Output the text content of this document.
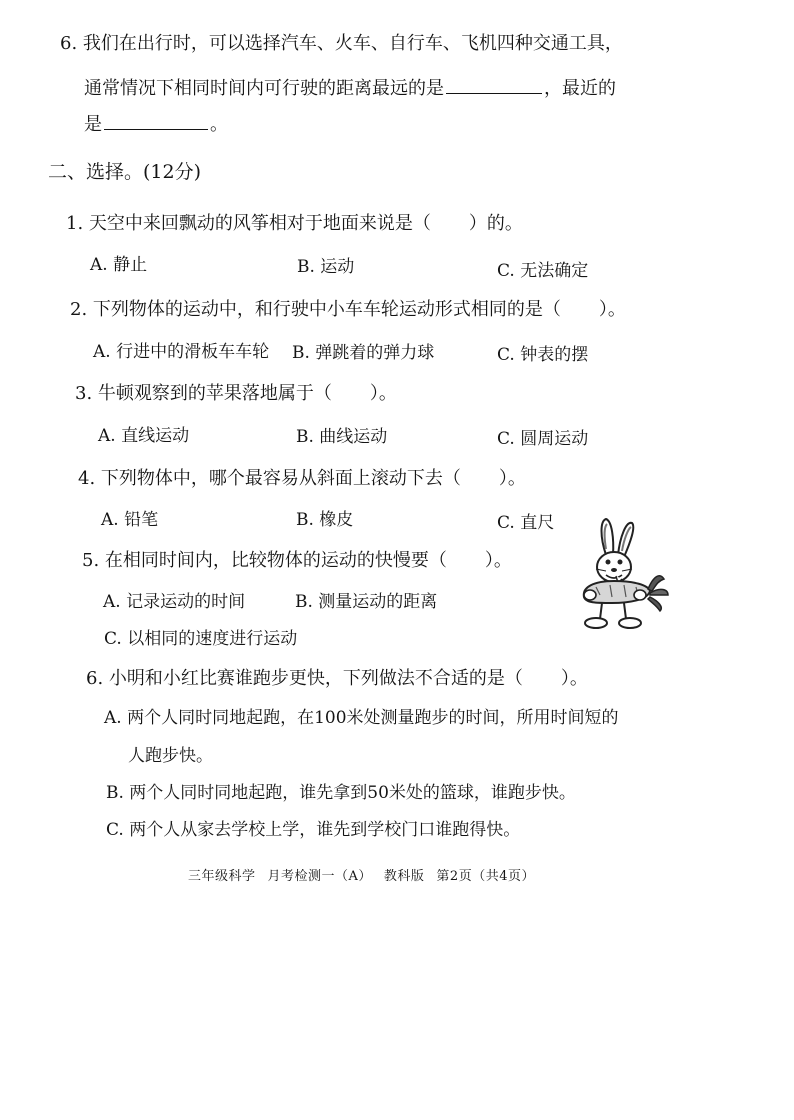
6. 我们在出行时，可以选择汽车、火车、自行车、飞机四种交通工具，
通常情况下相同时间内可行驶的距离最远的是	，最近的
是	。
二、选择。(12分)
1. 天空中来回飘动的风筝相对于地面来说是（ ）的。
A. 静止	B. 运动	C. 无法确定
2. 下列物体的运动中，和行驶中小车车轮运动形式相同的是（ ）。
A. 行进中的滑板车车轮 B. 弹跳着的弹力球	C. 钟表的摆
3. 牛顿观察到的苹果落地属于（ ）。
A. 直线运动	B. 曲线运动	C. 圆周运动
4. 下列物体中，哪个最容易从斜面上滚动下去（ ）。
A. 铅笔	B. 橡皮	C. 直尺
5. 在相同时间内，比较物体的运动的快慢要（ ）。
A. 记录运动的时间	B. 测量运动的距离
C. 以相同的速度进行运动
6. 小明和小红比赛谁跑步更快，下列做法不合适的是（ ）。
A. 两个人同时同地起跑，在100米处测量跑步的时间，所用时间短的
人跑步快。
B. 两个人同时同地起跑，谁先拿到50米处的篮球，谁跑步快。
C. 两个人从家去学校上学，谁先到学校门口谁跑得快。
三年级科学 月考检测一（A） 教科版 第2页（共4页）
